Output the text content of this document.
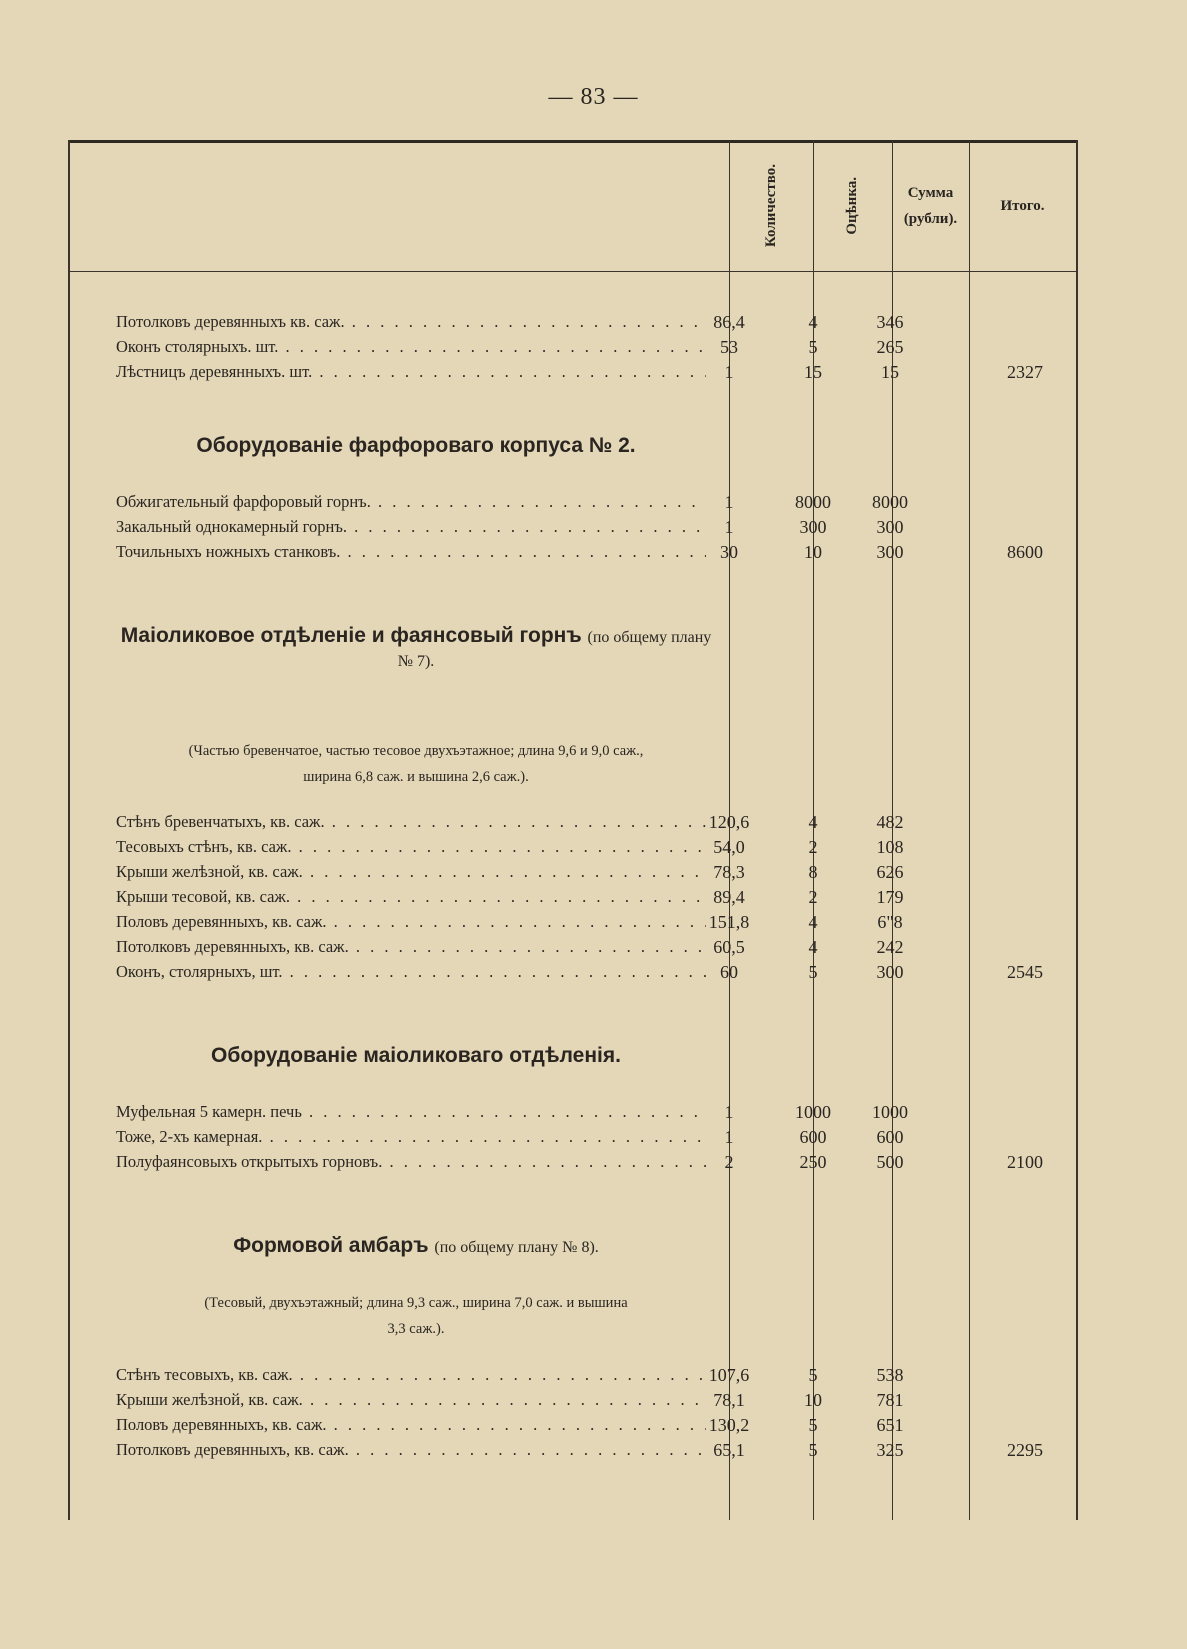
— 83 —
Количество.	Оцѣнка.	Сумма
(рубли).
Итого.
Потолковъ деревянныхъ кв. саж. . . .	86,4	4	346
Оконъ столярныхъ. шт. . . .	53	5	265
Лѣстницъ деревянныхъ. шт. . . .	1	15	15	2327
Оборудованіе фарфороваго корпуса № 2.
Обжигательный фарфоровый горнъ. . . .	1	8000	8000
Закальный однокамерный горнъ. . . .	1	300	300
Точильныхъ ножныхъ станковъ. . . .	30	10	300	8600
Маіоликовое отдѣленіе и фаянсовый горнъ (по общему плану № 7).
(Частью бревенчатое, частью тесовое двухъэтажное; длина 9,6 и 9,0 саж.,
ширина 6,8 саж. и вышина 2,6 саж.).
Стѣнъ бревенчатыхъ, кв. саж. . . .	120,6	4	482
Тесовыхъ стѣнъ, кв. саж. . . .	54,0	2	108
Крыши желѣзной, кв. саж. . . .	78,3	8	626
Крыши тесовой, кв. саж. . . .	89,4	2	179
Половъ деревянныхъ, кв. саж. . . .	151,8	4	6"8
Потолковъ деревянныхъ, кв. саж. . . .	60,5	4	242
Оконъ, столярныхъ, шт. . . .	60	5	300	2545
Оборудованіе маіоликоваго отдѣленія.
Муфельная 5 камерн. печь . . .	1	1000	1000
Тоже, 2-хъ камерная. . . .	1	600	600
Полуфаянсовыхъ открытыхъ горновъ. . . .	2	250	500	2100
Формовой амбаръ (по общему плану № 8).
(Тесовый, двухъэтажный; длина 9,3 саж., ширина 7,0 саж. и вышина
3,3 саж.).
Стѣнъ тесовыхъ, кв. саж. . . .	107,6	5	538
Крыши желѣзной, кв. саж. . . .	78,1	10	781
Половъ деревянныхъ, кв. саж. . . .	130,2	5	651
Потолковъ деревянныхъ, кв. саж. . . .	65,1	5	325	2295
